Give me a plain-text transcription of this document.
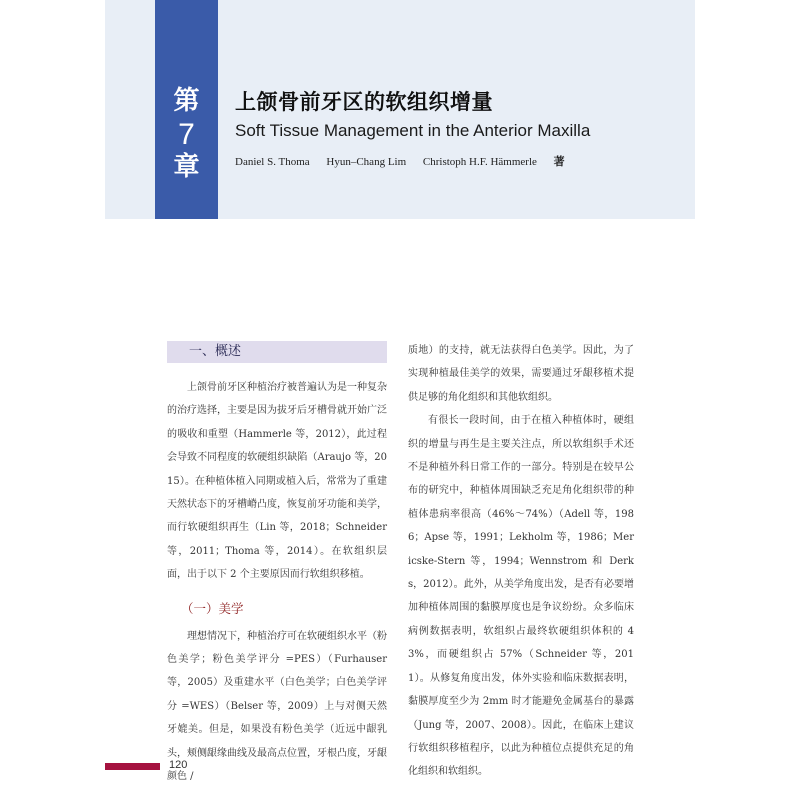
第
7
章
上颌骨前牙区的软组织增量
Soft Tissue Management in the Anterior Maxilla
Daniel S. Thoma Hyun–Chang Lim Christoph H.F. Hämmerle 著
一、概述

上颌骨前牙区种植治疗被普遍认为是一种复杂的治疗选择，主要是因为拔牙后牙槽骨就开始广泛的吸收和重塑（Hammerle 等，2012），此过程会导致不同程度的软硬组织缺陷（Araujo 等，2015）。在种植体植入同期或植入后，常常为了重建天然状态下的牙槽嵴凸度，恢复前牙功能和美学，而行软硬组织再生（Lin 等，2018；Schneider 等，2011；Thoma 等，2014）。在软组织层面，出于以下 2 个主要原因而行软组织移植。

（一）美学

理想情况下，种植治疗可在软硬组织水平（粉色美学；粉色美学评分 =PES）（Furhauser 等，2005）及重建水平（白色美学；白色美学评分 =WES）（Belser 等，2009）上与对侧天然牙媲美。但是，如果没有粉色美学（近远中龈乳头，颊侧龈缘曲线及最高点位置，牙根凸度，牙龈颜色 /

质地）的支持，就无法获得白色美学。因此，为了实现种植最佳美学的效果，需要通过牙龈移植术提供足够的角化组织和其他软组织。

有很长一段时间，由于在植入种植体时，硬组织的增量与再生是主要关注点，所以软组织手术还不是种植外科日常工作的一部分。特别是在较早公布的研究中，种植体周围缺乏充足角化组织带的种植体患病率很高（46%～74%）（Adell 等，1986；Apse 等，1991；Lekholm 等，1986；Mericske-Stern 等，1994；Wennstrom 和 Derks，2012）。此外，从美学角度出发，是否有必要增加种植体周围的黏膜厚度也是争议纷纷。众多临床病例数据表明，软组织占最终软硬组织体积的 43%，而硬组织占 57%（Schneider 等，2011）。从修复角度出发，体外实验和临床数据表明，黏膜厚度至少为 2mm 时才能避免金属基台的暴露（Jung 等，2007、2008）。因此，在临床上建议行软组织移植程序，以此为种植位点提供充足的角化组织和软组织。

120
